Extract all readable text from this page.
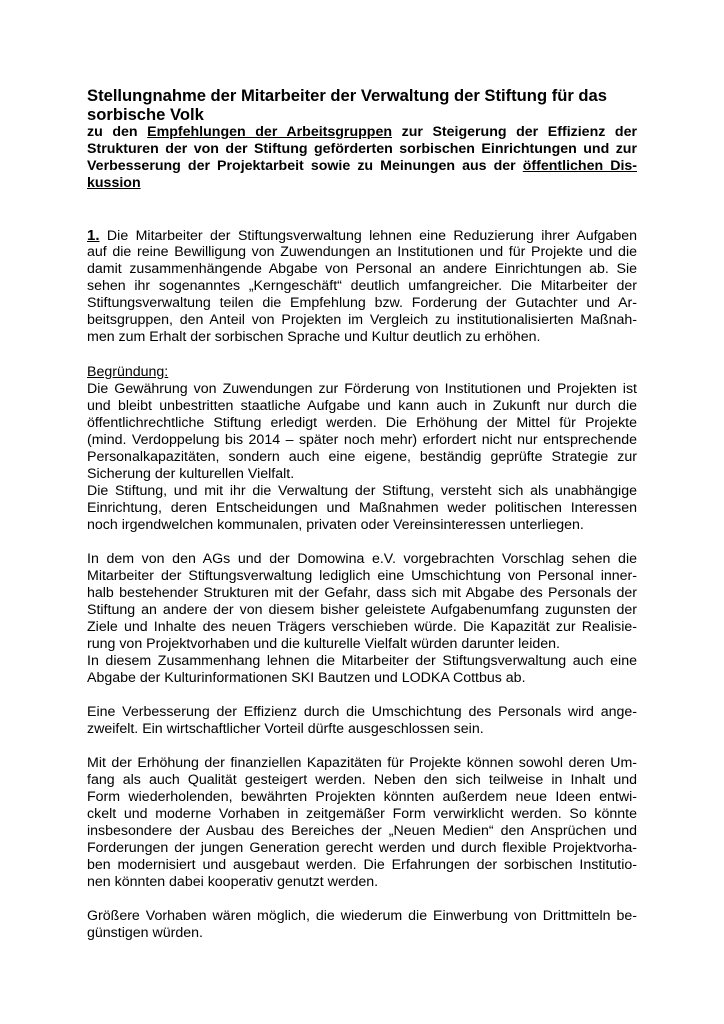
Stellungnahme der Mitarbeiter der Verwaltung der Stiftung für das
sorbische Volk
zu den Empfehlungen der Arbeitsgruppen zur Steigerung der Effizienz der
Strukturen der von der Stiftung geförderten sorbischen Einrichtungen und zur
Verbesserung der Projektarbeit sowie zu Meinungen aus der öffentlichen Dis-
kussion
1. Die Mitarbeiter der Stiftungsverwaltung lehnen eine Reduzierung ihrer Aufgaben
auf die reine Bewilligung von Zuwendungen an Institutionen und für Projekte und die
damit zusammenhängende Abgabe von Personal an andere Einrichtungen ab. Sie
sehen ihr sogenanntes „Kerngeschäft“ deutlich umfangreicher. Die Mitarbeiter der
Stiftungsverwaltung teilen die Empfehlung bzw. Forderung der Gutachter und Ar-
beitsgruppen, den Anteil von Projekten im Vergleich zu institutionalisierten Maßnah-
men zum Erhalt der sorbischen Sprache und Kultur deutlich zu erhöhen.
Begründung:
Die Gewährung von Zuwendungen zur Förderung von Institutionen und Projekten ist
und bleibt unbestritten staatliche Aufgabe und kann auch in Zukunft nur durch die
öffentlichrechtliche Stiftung erledigt werden. Die Erhöhung der Mittel für Projekte
(mind. Verdoppelung bis 2014 – später noch mehr) erfordert nicht nur entsprechende
Personalkapazitäten, sondern auch eine eigene, beständig geprüfte Strategie zur
Sicherung der kulturellen Vielfalt.
Die Stiftung, und mit ihr die Verwaltung der Stiftung, versteht sich als unabhängige
Einrichtung, deren Entscheidungen und Maßnahmen weder politischen Interessen
noch irgendwelchen kommunalen, privaten oder Vereinsinteressen unterliegen.
In dem von den AGs und der Domowina e.V. vorgebrachten Vorschlag sehen die
Mitarbeiter der Stiftungsverwaltung lediglich eine Umschichtung von Personal inner-
halb bestehender Strukturen mit der Gefahr, dass sich mit Abgabe des Personals der
Stiftung an andere der von diesem bisher geleistete Aufgabenumfang zugunsten der
Ziele und Inhalte des neuen Trägers verschieben würde. Die Kapazität zur Realisie-
rung von Projektvorhaben und die kulturelle Vielfalt würden darunter leiden.
In diesem Zusammenhang lehnen die Mitarbeiter der Stiftungsverwaltung auch eine
Abgabe der Kulturinformationen SKI Bautzen und LODKA Cottbus ab.
Eine Verbesserung der Effizienz durch die Umschichtung des Personals wird ange-
zweifelt. Ein wirtschaftlicher Vorteil dürfte ausgeschlossen sein.
Mit der Erhöhung der finanziellen Kapazitäten für Projekte können sowohl deren Um-
fang als auch Qualität gesteigert werden. Neben den sich teilweise in Inhalt und
Form wiederholenden, bewährten Projekten könnten außerdem neue Ideen entwi-
ckelt und moderne Vorhaben in zeitgemäßer Form verwirklicht werden. So könnte
insbesondere der Ausbau des Bereiches der „Neuen Medien“ den Ansprüchen und
Forderungen der jungen Generation gerecht werden und durch flexible Projektvorha-
ben modernisiert und ausgebaut werden. Die Erfahrungen der sorbischen Institutio-
nen könnten dabei kooperativ genutzt werden.
Größere Vorhaben wären möglich, die wiederum die Einwerbung von Drittmitteln be-
günstigen würden.
